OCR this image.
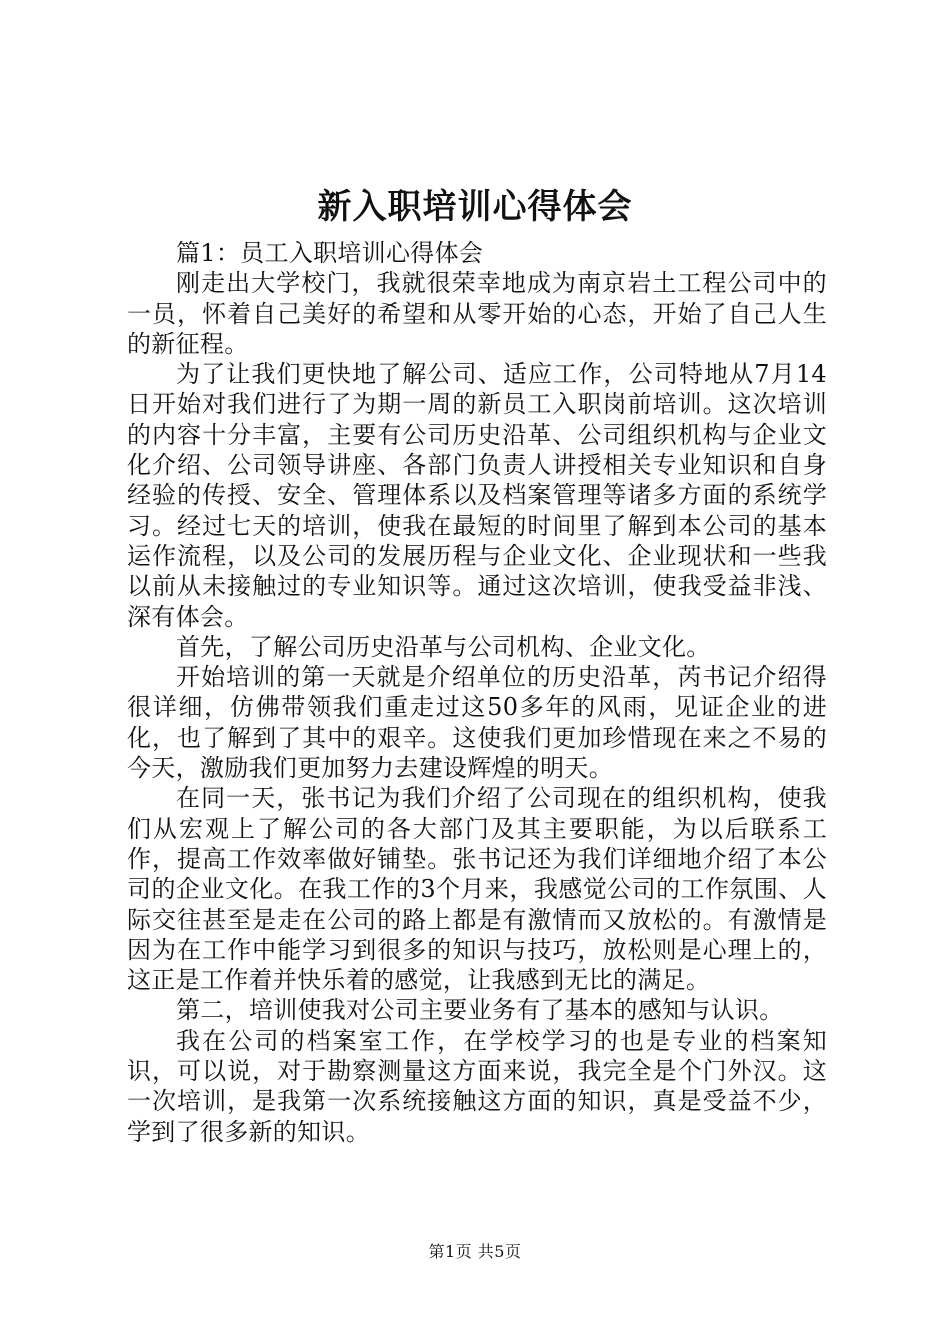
新入职培训心得体会

篇1：员工入职培训心得体会

刚走出大学校门，我就很荣幸地成为南京岩土工程公司中的一员，怀着自己美好的希望和从零开始的心态，开始了自己人生的新征程。

为了让我们更快地了解公司、适应工作，公司特地从7月14日开始对我们进行了为期一周的新员工入职岗前培训。这次培训的内容十分丰富，主要有公司历史沿革、公司组织机构与企业文化介绍、公司领导讲座、各部门负责人讲授相关专业知识和自身经验的传授、安全、管理体系以及档案管理等诸多方面的系统学习。经过七天的培训，使我在最短的时间里了解到本公司的基本运作流程，以及公司的发展历程与企业文化、企业现状和一些我以前从未接触过的专业知识等。通过这次培训，使我受益非浅、深有体会。

首先，了解公司历史沿革与公司机构、企业文化。

开始培训的第一天就是介绍单位的历史沿革，芮书记介绍得很详细，仿佛带领我们重走过这50多年的风雨，见证企业的进化，也了解到了其中的艰辛。这使我们更加珍惜现在来之不易的今天，激励我们更加努力去建设辉煌的明天。

在同一天，张书记为我们介绍了公司现在的组织机构，使我们从宏观上了解公司的各大部门及其主要职能，为以后联系工作，提高工作效率做好铺垫。张书记还为我们详细地介绍了本公司的企业文化。在我工作的3个月来，我感觉公司的工作氛围、人际交往甚至是走在公司的路上都是有激情而又放松的。有激情是因为在工作中能学习到很多的知识与技巧，放松则是心理上的，这正是工作着并快乐着的感觉，让我感到无比的满足。

第二，培训使我对公司主要业务有了基本的感知与认识。

我在公司的档案室工作，在学校学习的也是专业的档案知识，可以说，对于勘察测量这方面来说，我完全是个门外汉。这一次培训，是我第一次系统接触这方面的知识，真是受益不少，学到了很多新的知识。

第1页 共5页
